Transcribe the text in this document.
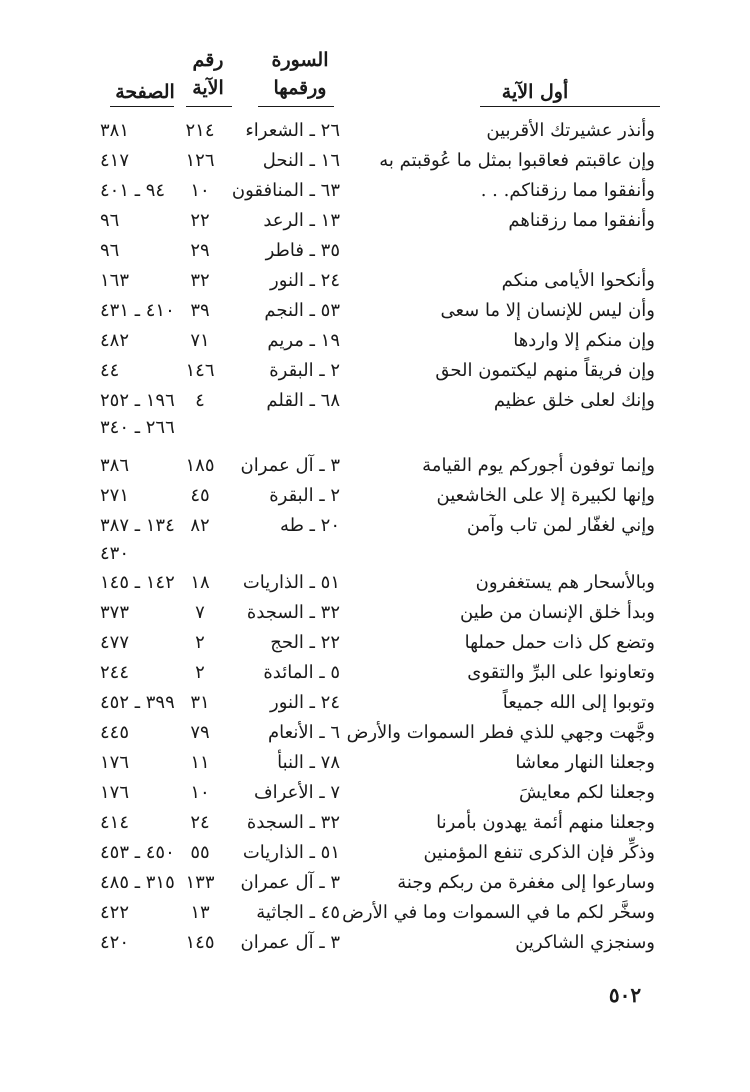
الصفحة
رقم
الآية
السورة
ورقمها	أول الآية
وأنذر عشيرتك الأقربين
٢٦ ـ الشعراء
٢١٤
٣٨١
وإن عاقبتم فعاقبوا بمثل ما عُوقبتم به
١٦ ـ النحل
١٢٦
٤١٧
وأنفقوا مما رزقناكم. . .
٦٣ ـ المنافقون
١٠
٩٤ ـ ٤٠١
وأنفقوا مما رزقناهم
١٣ ـ الرعد
٢٢
٩٦
٣٥ ـ فاطر
٢٩
٩٦
وأنكحوا الأيامى منكم
٢٤ ـ النور
٣٢
١٦٣
وأن ليس للإنسان إلا ما سعى
٥٣ ـ النجم
٣٩
٤١٠ ـ ٤٣١
وإن منكم إلا واردها
١٩ ـ مريم
٧١
٤٨٢
وإن فريقاً منهم ليكتمون الحق
٢ ـ البقرة
١٤٦
٤٤
وإنك لعلى خلق عظيم
٦٨ ـ القلم
٤
١٩٦ ـ ٢٥٢
٢٦٦ ـ ٣٤٠
وإنما توفون أجوركم يوم القيامة
٣ ـ آل عمران
١٨٥
٣٨٦
وإنها لكبيرة إلا على الخاشعين
٢ ـ البقرة
٤٥
٢٧١
وإني لغفّار لمن تاب وآمن
٢٠ ـ طه
٨٢
١٣٤ ـ ٣٨٧
٤٣٠
وبالأسحار هم يستغفرون
٥١ ـ الذاريات
١٨
١٤٢ ـ ١٤٥
وبدأ خلق الإنسان من طين
٣٢ ـ السجدة
٧
٣٧٣
وتضع كل ذات حمل حملها
٢٢ ـ الحج
٢
٤٧٧
وتعاونوا على البرِّ والتقوى
٥ ـ المائدة
٢
٢٤٤
وتوبوا إلى الله جميعاً
٢٤ ـ النور
٣١
٣٩٩ ـ ٤٥٢
وجَّهت وجهي للذي فطر السموات والأرض
٦ ـ الأنعام
٧٩
٤٤٥
وجعلنا النهار معاشا
٧٨ ـ النبأ
١١
١٧٦
وجعلنا لكم معايشَ
٧ ـ الأعراف
١٠
١٧٦
وجعلنا منهم أئمة يهدون بأمرنا
٣٢ ـ السجدة
٢٤
٤١٤
وذكِّر فإن الذكرى تنفع المؤمنين
٥١ ـ الذاريات
٥٥
٤٥٠ ـ ٤٥٣
وسارعوا إلى مغفرة من ربكم وجنة
٣ ـ آل عمران
١٣٣
٣١٥ ـ ٤٨٥
وسخَّر لكم ما في السموات وما في الأرض
٤٥ ـ الجاثية
١٣
٤٢٢
وسنجزي الشاكرين
٣ ـ آل عمران
١٤٥
٤٢٠
٥٠٢
